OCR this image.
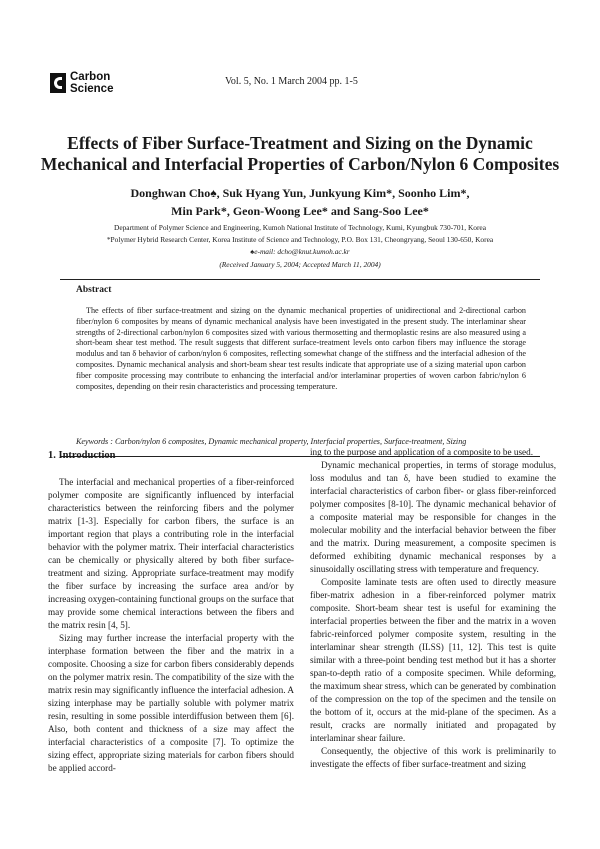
Carbon
Science
Vol. 5, No. 1 March 2004 pp. 1-5
Effects of Fiber Surface-Treatment and Sizing on the Dynamic Mechanical and Interfacial Properties of Carbon/Nylon 6 Composites
Donghwan Cho♠, Suk Hyang Yun, Junkyung Kim*, Soonho Lim*,
Min Park*, Geon-Woong Lee* and Sang-Soo Lee*
Department of Polymer Science and Engineering, Kumoh National Institute of Technology, Kumi, Kyungbuk 730-701, Korea
*Polymer Hybrid Research Center, Korea Institute of Science and Technology, P.O. Box 131, Cheongryang, Seoul 130-650, Korea
♠e-mail: dcho@knut.kumoh.ac.kr
(Received January 5, 2004; Accepted March 11, 2004)
Abstract
The effects of fiber surface-treatment and sizing on the dynamic mechanical properties of unidirectional and 2-directional carbon fiber/nylon 6 composites by means of dynamic mechanical analysis have been investigated in the present study. The interlaminar shear strengths of 2-directional carbon/nylon 6 composites sized with various thermosetting and thermoplastic resins are also measured using a short-beam shear test method. The result suggests that different surface-treatment levels onto carbon fibers may influence the storage modulus and tan δ behavior of carbon/nylon 6 composites, reflecting somewhat change of the stiffness and the interfacial adhesion of the composites. Dynamic mechanical analysis and short-beam shear test results indicate that appropriate use of a sizing material upon carbon fiber composite processing may contribute to enhancing the interfacial and/or interlaminar properties of woven carbon fabric/nylon 6 composites, depending on their resin characteristics and processing temperature.
Keywords : Carbon/nylon 6 composites, Dynamic mechanical property, Interfacial properties, Surface-treatment, Sizing

1. Introduction

The interfacial and mechanical properties of a fiber-reinforced polymer composite are significantly influenced by interfacial characteristics between the reinforcing fibers and the polymer matrix [1-3]. Especially for carbon fibers, the surface is an important region that plays a contributing role in the interfacial behavior with the polymer matrix. Their interfacial characteristics can be chemically or physically altered by both fiber surface-treatment and sizing. Appropriate surface-treatment may modify the fiber surface by increasing the surface area and/or by increasing oxygen-containing functional groups on the surface that may provide some chemical interactions between the fibers and the matrix resin [4, 5].

Sizing may further increase the interfacial property with the interphase formation between the fiber and the matrix in a composite. Choosing a size for carbon fibers considerably depends on the polymer matrix resin. The compatibility of the size with the matrix resin may significantly influence the interfacial adhesion. A sizing interphase may be partially soluble with polymer matrix resin, resulting in some possible interdiffusion between them [6]. Also, both content and thickness of a size may affect the interfacial characteristics of a composite [7]. To optimize the sizing effect, appropriate sizing materials for carbon fibers should be applied accord-

ing to the purpose and application of a composite to be used.

Dynamic mechanical properties, in terms of storage modulus, loss modulus and tan δ, have been studied to examine the interfacial characteristics of carbon fiber- or glass fiber-reinforced polymer composites [8-10]. The dynamic mechanical behavior of a composite material may be responsible for changes in the molecular mobility and the interfacial behavior between the fiber and the matrix. During measurement, a composite specimen is deformed exhibiting dynamic mechanical responses by a sinusoidally oscillating stress with temperature and frequency.

Composite laminate tests are often used to directly measure fiber-matrix adhesion in a fiber-reinforced polymer matrix composite. Short-beam shear test is useful for examining the interfacial properties between the fiber and the matrix in a woven fabric-reinforced polymer composite system, resulting in the interlaminar shear strength (ILSS) [11, 12]. This test is quite similar with a three-point bending test method but it has a shorter span-to-depth ratio of a composite specimen. While deforming, the maximum shear stress, which can be generated by combination of the compression on the top of the specimen and the tensile on the bottom of it, occurs at the mid-plane of the specimen. As a result, cracks are normally initiated and propagated by interlaminar shear failure.

Consequently, the objective of this work is preliminarily to investigate the effects of fiber surface-treatment and sizing
